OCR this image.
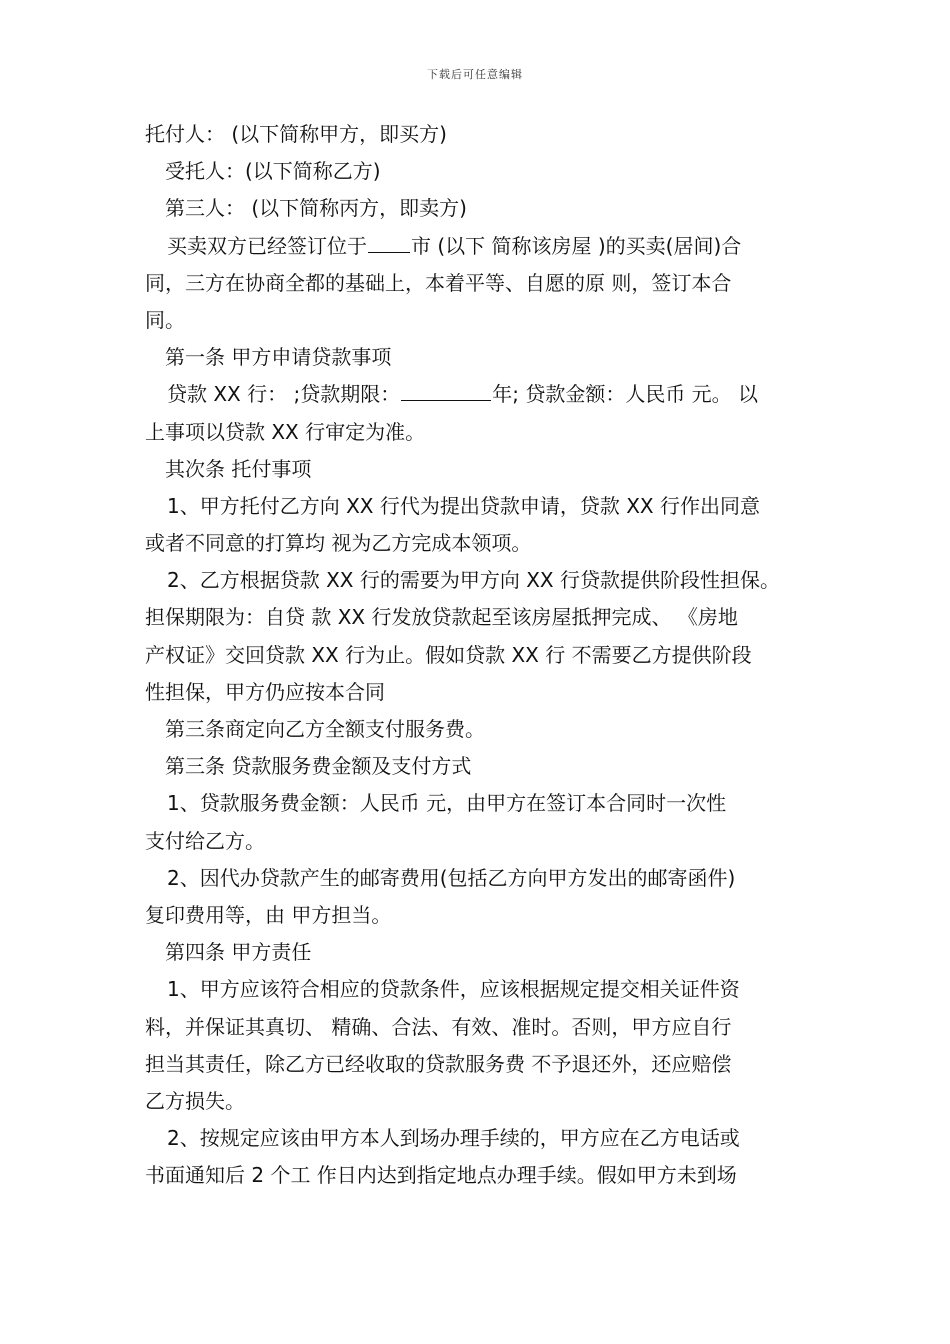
下载后可任意编辑
托付人： (以下简称甲方，即买方)
受托人：(以下简称乙方)
第三人： (以下简称丙方，即卖方)
买卖双方已经签订位于 市 (以下 简称该房屋 )的买卖(居间)合
同，三方在协商全都的基础上，本着平等、自愿的原 则，签订本合
同。
第一条 甲方申请贷款事项
贷款 XX 行： ;贷款期限：	年; 贷款金额：人民币 元。 以
上事项以贷款 XX 行审定为准。
其次条 托付事项
1、甲方托付乙方向 XX 行代为提出贷款申请，贷款 XX 行作出同意
或者不同意的打算均 视为乙方完成本领项。
2、乙方根据贷款 XX 行的需要为甲方向 XX 行贷款提供阶段性担保。
担保期限为：自贷 款 XX 行发放贷款起至该房屋抵押完成、 《房地
产权证》交回贷款 XX 行为止。假如贷款 XX 行 不需要乙方提供阶段
性担保，甲方仍应按本合同
第三条商定向乙方全额支付服务费。
第三条 贷款服务费金额及支付方式
1、贷款服务费金额：人民币 元，由甲方在签订本合同时一次性
支付给乙方。
2、因代办贷款产生的邮寄费用(包括乙方向甲方发出的邮寄函件)
复印费用等，由 甲方担当。
第四条 甲方责任
1、甲方应该符合相应的贷款条件，应该根据规定提交相关证件资
料，并保证其真切、 精确、合法、有效、准时。否则，甲方应自行
担当其责任，除乙方已经收取的贷款服务费 不予退还外，还应赔偿
乙方损失。
2、按规定应该由甲方本人到场办理手续的，甲方应在乙方电话或
书面通知后 2 个工 作日内达到指定地点办理手续。假如甲方未到场
